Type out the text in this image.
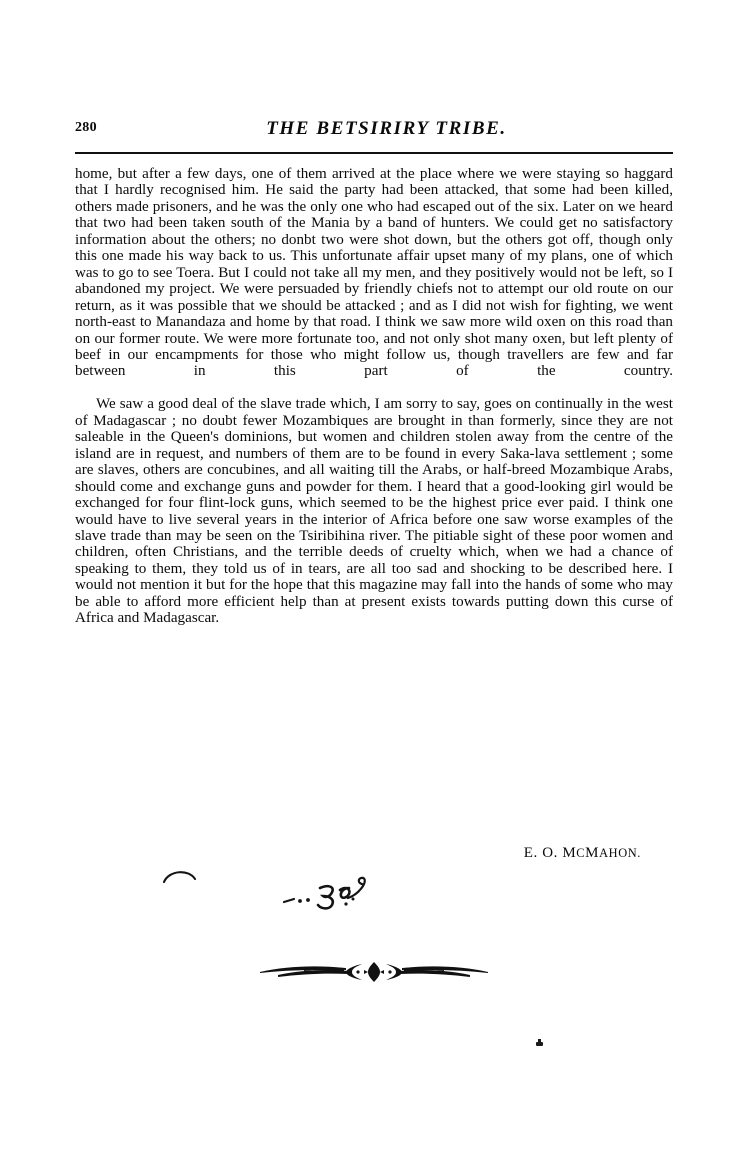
280	THE BETSIRIRY TRIBE.

home, but after a few days, one of them arrived at the place where we were staying so haggard that I hardly recognised him. He said the party had been attacked, that some had been killed, others made prisoners, and he was the only one who had escaped out of the six. Later on we heard that two had been taken south of the Mania by a band of hunters. We could get no satisfactory information about the others; no donbt two were shot down, but the others got off, though only this one made his way back to us. This unfortunate affair upset many of my plans, one of which was to go to see Toera. But I could not take all my men, and they positively would not be left, so I abandoned my project. We were persuaded by friendly chiefs not to attempt our old route on our return, as it was possible that we should be attacked ; and as I did not wish for fighting, we went north-east to Manandaza and home by that road. I think we saw more wild oxen on this road than on our former route. We were more fortunate too, and not only shot many oxen, but left plenty of beef in our encampments for those who might follow us, though travellers are few and far between in this part of the country.

We saw a good deal of the slave trade which, I am sorry to say, goes on continually in the west of Madagascar ; no doubt fewer Mozambiques are brought in than formerly, since they are not saleable in the Queen's dominions, but women and children stolen away from the centre of the island are in request, and numbers of them are to be found in every Saka-lava settlement ; some are slaves, others are concubines, and all waiting till the Arabs, or half-breed Mozambique Arabs, should come and exchange guns and powder for them. I heard that a good-looking girl would be exchanged for four flint-lock guns, which seemed to be the highest price ever paid. I think one would have to live several years in the interior of Africa before one saw worse examples of the slave trade than may be seen on the Tsiribihina river. The pitiable sight of these poor women and children, often Christians, and the terrible deeds of cruelty which, when we had a chance of speaking to them, they told us of in tears, are all too sad and shocking to be described here. I would not mention it but for the hope that this magazine may fall into the hands of some who may be able to afford more efficient help than at present exists towards putting down this curse of Africa and Madagascar.

E. O. MCMAHON.
